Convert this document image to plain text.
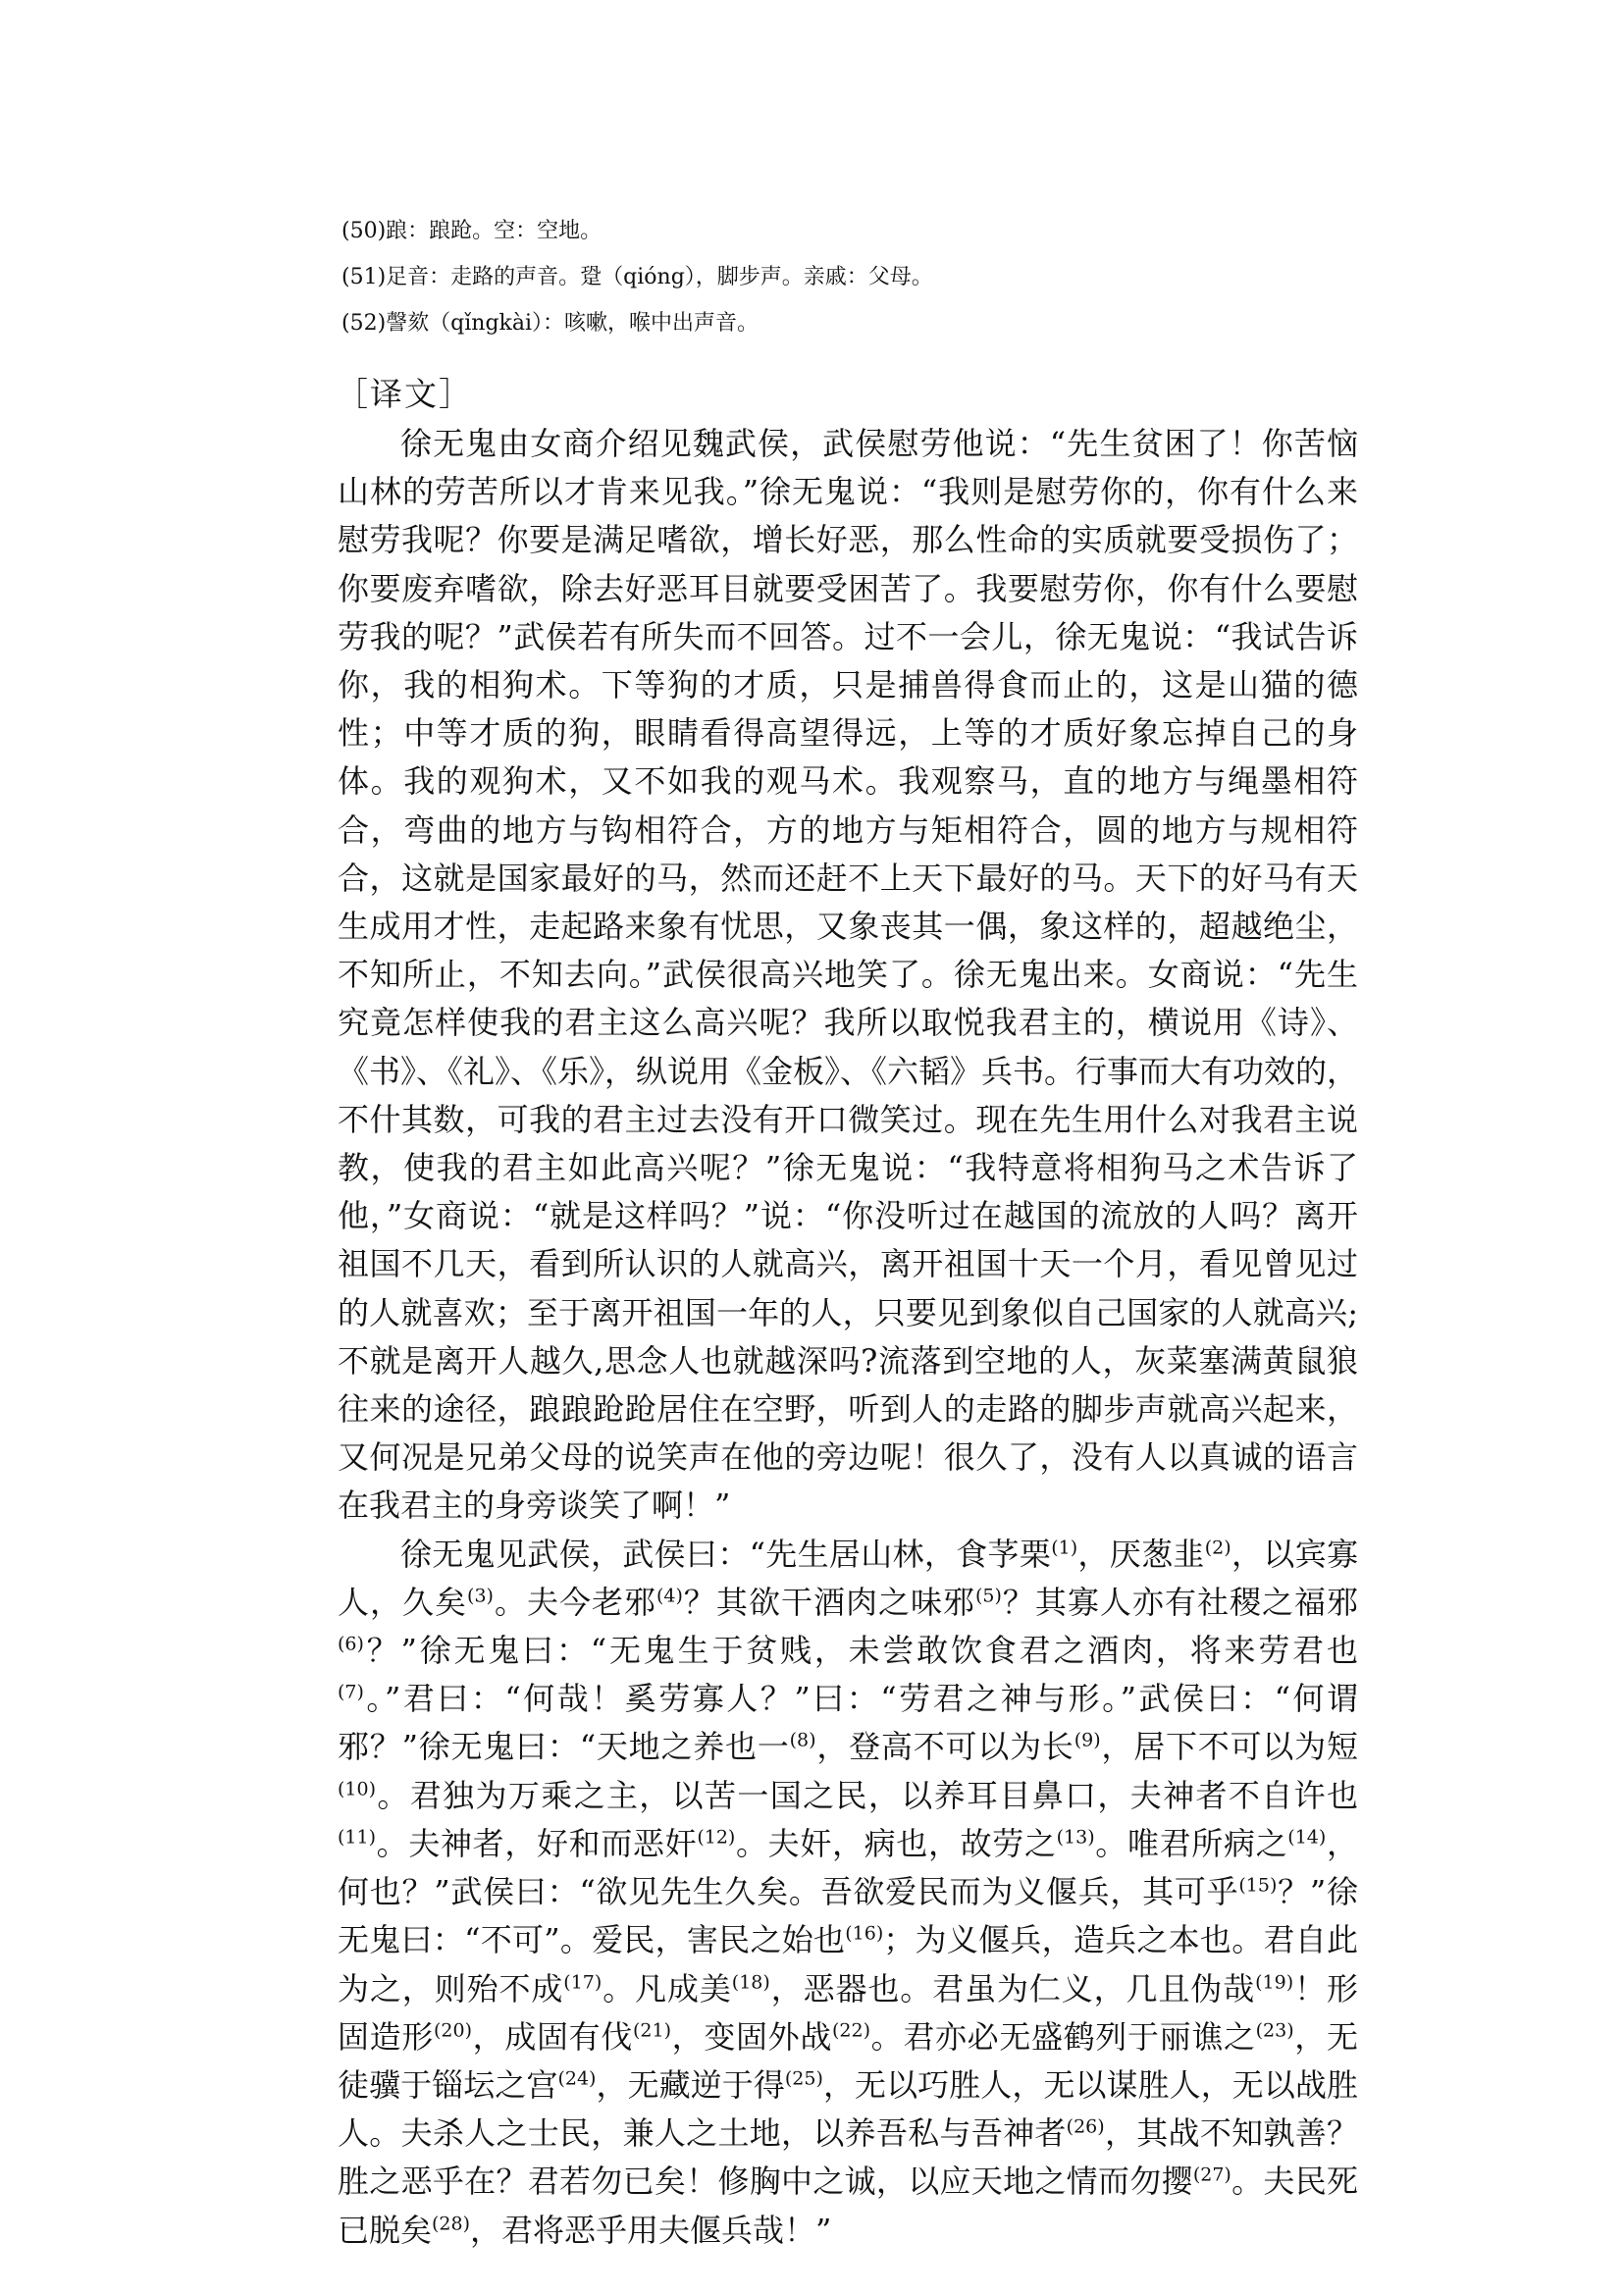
(50)踉：踉跄。空：空地。

(51)足音：走路的声音。跫（qióng），脚步声。亲戚：父母。

(52)謦欬（qǐngkài）：咳嗽，喉中出声音。

［译文］

徐无鬼由女商介绍见魏武侯，武侯慰劳他说：“先生贫困了！你苦恼山林的劳苦所以才肯来见我。”徐无鬼说：“我则是慰劳你的，你有什么来慰劳我呢？你要是满足嗜欲，增长好恶，那么性命的实质就要受损伤了；你要废弃嗜欲，除去好恶耳目就要受困苦了。我要慰劳你，你有什么要慰劳我的呢？”武侯若有所失而不回答。过不一会儿，徐无鬼说：“我试告诉你，我的相狗术。下等狗的才质，只是捕兽得食而止的，这是山猫的德性；中等才质的狗，眼睛看得高望得远，上等的才质好象忘掉自己的身体。我的观狗术，又不如我的观马术。我观察马，直的地方与绳墨相符合，弯曲的地方与钩相符合，方的地方与矩相符合，圆的地方与规相符合，这就是国家最好的马，然而还赶不上天下最好的马。天下的好马有天生成用才性，走起路来象有忧思，又象丧其一偶，象这样的，超越绝尘，不知所止，不知去向。”武侯很高兴地笑了。徐无鬼出来。女商说：“先生究竟怎样使我的君主这么高兴呢？我所以取悦我君主的，横说用《诗》、《书》、《礼》、《乐》，纵说用《金板》、《六韬》兵书。行事而大有功效的，不什其数，可我的君主过去没有开口微笑过。现在先生用什么对我君主说教，使我的君主如此高兴呢？”徐无鬼说：“我特意将相狗马之术告诉了他，”女商说：“就是这样吗？”说：“你没听过在越国的流放的人吗？离开祖国不几天，看到所认识的人就高兴，离开祖国十天一个月，看见曾见过的人就喜欢；至于离开祖国一年的人，只要见到象似自己国家的人就高兴;不就是离开人越久,思念人也就越深吗?流落到空地的人，灰菜塞满黄鼠狼往来的途径，踉踉跄跄居住在空野，听到人的走路的脚步声就高兴起来，又何况是兄弟父母的说笑声在他的旁边呢！很久了，没有人以真诚的语言在我君主的身旁谈笑了啊！”

徐无鬼见武侯，武侯曰：“先生居山林，食芧栗$^{(1)}$，厌葱韭$^{(2)}$，以宾寡人，久矣$^{(3)}$。夫今老邪$^{(4)}$？其欲干酒肉之味邪$^{(5)}$？其寡人亦有社稷之福邪$^{(6)}$？”徐无鬼曰：“无鬼生于贫贱，未尝敢饮食君之酒肉，将来劳君也$^{(7)}$。”君曰：“何哉！奚劳寡人？”曰：“劳君之神与形。”武侯曰：“何谓邪？”徐无鬼曰：“天地之养也一$^{(8)}$，登高不可以为长$^{(9)}$，居下不可以为短$^{(10)}$。君独为万乘之主，以苦一国之民，以养耳目鼻口，夫神者不自许也$^{(11)}$。夫神者，好和而恶奸$^{(12)}$。夫奸，病也，故劳之$^{(13)}$。唯君所病之$^{(14)}$，何也？”武侯曰：“欲见先生久矣。吾欲爱民而为义偃兵，其可乎$^{(15)}$？”徐无鬼曰：“不可”。爱民，害民之始也$^{(16)}$；为义偃兵，造兵之本也。君自此为之，则殆不成$^{(17)}$。凡成美$^{(18)}$，恶器也。君虽为仁义，几且伪哉$^{(19)}$！形固造形$^{(20)}$，成固有伐$^{(21)}$，变固外战$^{(22)}$。君亦必无盛鹤列于丽谯之$^{(23)}$，无徒骥于锱坛之宫$^{(24)}$，无藏逆于得$^{(25)}$，无以巧胜人，无以谋胜人，无以战胜人。夫杀人之士民，兼人之土地，以养吾私与吾神者$^{(26)}$，其战不知孰善？胜之恶乎在？君若勿已矣！修胸中之诚，以应天地之情而勿撄$^{(27)}$。夫民死已脱矣$^{(28)}$，君将恶乎用夫偃兵哉！”
